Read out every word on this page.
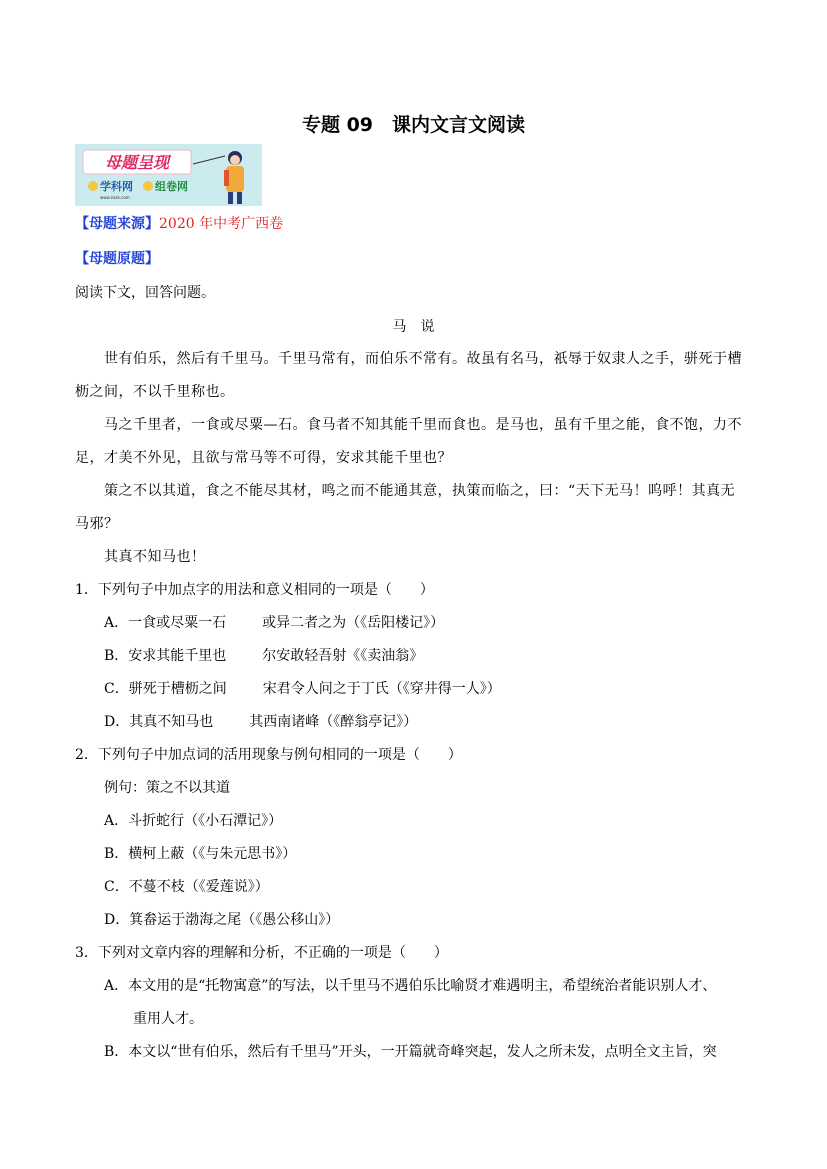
专题 09　课内文言文阅读
母题呈现
学科网
www.zxxk.com
组卷网
【母题来源】2020 年中考广西卷
【母题原题】
阅读下文，回答问题。
马　说
世有伯乐，然后有千里马。千里马常有，而伯乐不常有。故虽有名马，祇辱于奴隶人之手，骈死于槽
枥之间，不以千里称也。
马之千里者，一食或尽粟—石。食马者不知其能千里而食也。是马也，虽有千里之能，食不饱，力不
足，才美不外见，且欲与常马等不可得，安求其能千里也？
策之不以其道，食之不能尽其材，鸣之而不能通其意，执策而临之，曰：“天下无马！呜呼！其真无
马邪？
其真不知马也！
1．下列句子中加点字的用法和意义相同的一项是（　　）
A．一食或尽粟一石	或异二者之为（《岳阳楼记》）
B．安求其能千里也	尔安敢轻吾射《《卖油翁》
C．骈死于槽枥之间	宋君令人问之于丁氏（《穿井得一人》）
D．其真不知马也	其西南诸峰（《醉翁亭记》）
2．下列句子中加点词的活用现象与例句相同的一项是（　　）
例句：策之不以其道
A．斗折蛇行（《小石潭记》）
B．横柯上蔽（《与朱元思书》）
C．不蔓不枝（《爱莲说》）
D．箕畚运于渤海之尾（《愚公移山》）
3．下列对文章内容的理解和分析，不正确的一项是（　　）
A．本文用的是“托物寓意”的写法，以千里马不遇伯乐比喻贤才难遇明主，希望统治者能识别人才、
重用人才。
B．本文以“世有伯乐，然后有千里马”开头，一开篇就奇峰突起，发人之所未发，点明全文主旨，突
